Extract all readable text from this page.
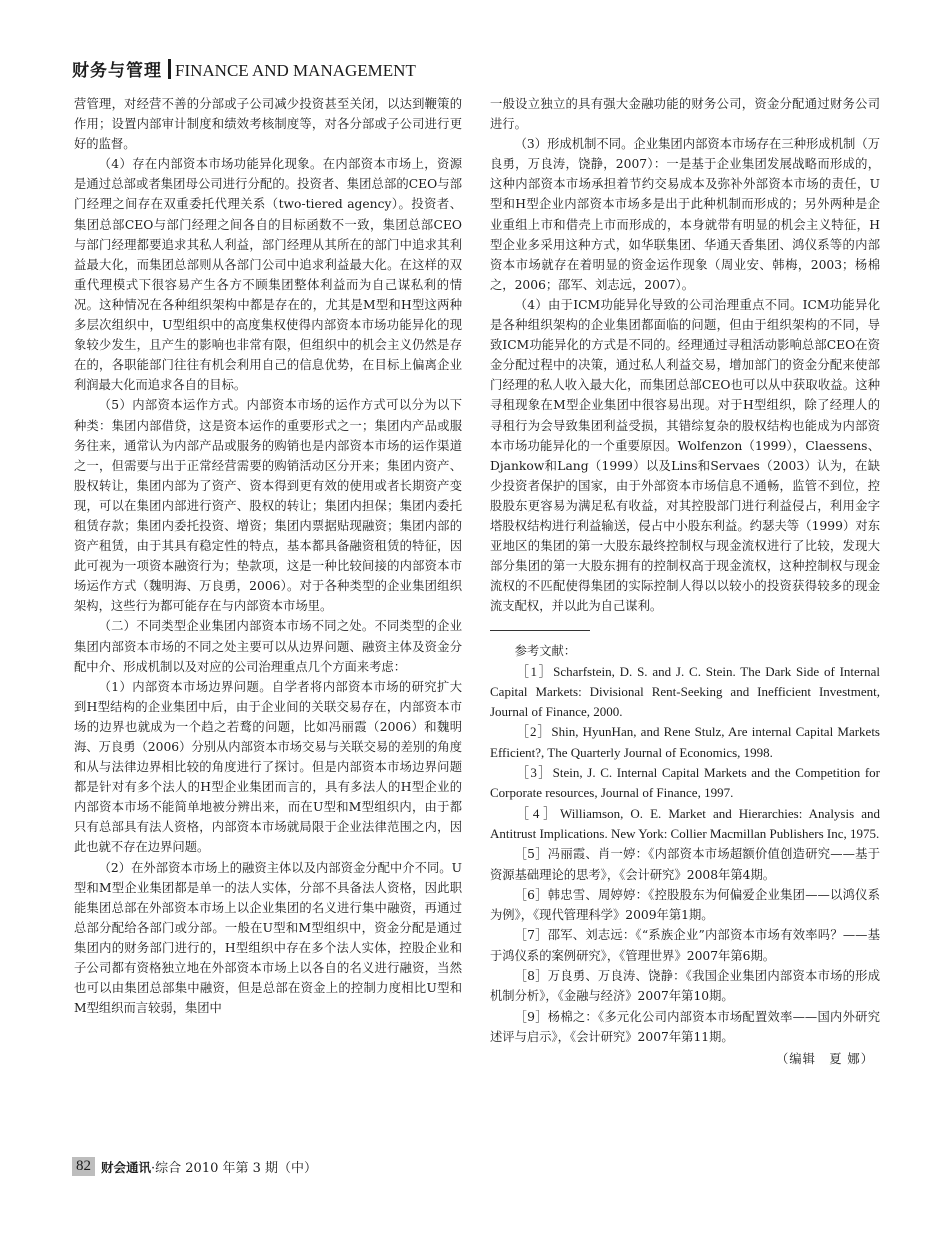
财务与管理 FINANCE AND MANAGEMENT

营管理，对经营不善的分部或子公司减少投资甚至关闭，以达到鞭策的作用；设置内部审计制度和绩效考核制度等，对各分部或子公司进行更好的监督。

（4）存在内部资本市场功能异化现象。在内部资本市场上，资源是通过总部或者集团母公司进行分配的。投资者、集团总部的CEO与部门经理之间存在双重委托代理关系（two-tiered agency）。投资者、集团总部CEO与部门经理之间各自的目标函数不一致，集团总部CEO与部门经理都要追求其私人利益，部门经理从其所在的部门中追求其利益最大化，而集团总部则从各部门公司中追求利益最大化。在这样的双重代理模式下很容易产生各方不顾集团整体利益而为自己谋私利的情况。这种情况在各种组织架构中都是存在的，尤其是M型和H型这两种多层次组织中，U型组织中的高度集权使得内部资本市场功能异化的现象较少发生，且产生的影响也非常有限，但组织中的机会主义仍然是存在的，各职能部门往往有机会利用自己的信息优势，在目标上偏离企业利润最大化而追求各自的目标。

（5）内部资本运作方式。内部资本市场的运作方式可以分为以下种类：集团内部借贷，这是资本运作的重要形式之一；集团内产品或服务往来，通常认为内部产品或服务的购销也是内部资本市场的运作渠道之一，但需要与出于正常经营需要的购销活动区分开来；集团内资产、股权转让，集团内部为了资产、资本得到更有效的使用或者长期资产变现，可以在集团内部进行资产、股权的转让；集团内担保；集团内委托租赁存款；集团内委托投资、增资；集团内票据贴现融资；集团内部的资产租赁，由于其具有稳定性的特点，基本都具备融资租赁的特征，因此可视为一项资本融资行为；垫款项，这是一种比较间接的内部资本市场运作方式（魏明海、万良勇，2006）。对于各种类型的企业集团组织架构，这些行为都可能存在与内部资本市场里。

（二）不同类型企业集团内部资本市场不同之处。不同类型的企业集团内部资本市场的不同之处主要可以从边界问题、融资主体及资金分配中介、形成机制以及对应的公司治理重点几个方面来考虑：

（1）内部资本市场边界问题。自学者将内部资本市场的研究扩大到H型结构的企业集团中后，由于企业间的关联交易存在，内部资本市场的边界也就成为一个趋之若鹜的问题，比如冯丽霞（2006）和魏明海、万良勇（2006）分别从内部资本市场交易与关联交易的差别的角度和从与法律边界相比较的角度进行了探讨。但是内部资本市场边界问题都是针对有多个法人的H型企业集团而言的，具有多法人的H型企业的内部资本市场不能简单地被分辨出来，而在U型和M型组织内，由于都只有总部具有法人资格，内部资本市场就局限于企业法律范围之内，因此也就不存在边界问题。

（2）在外部资本市场上的融资主体以及内部资金分配中介不同。U型和M型企业集团都是单一的法人实体，分部不具备法人资格，因此职能集团总部在外部资本市场上以企业集团的名义进行集中融资，再通过总部分配给各部门或分部。一般在U型和M型组织中，资金分配是通过集团内的财务部门进行的，H型组织中存在多个法人实体，控股企业和子公司都有资格独立地在外部资本市场上以各自的名义进行融资，当然也可以由集团总部集中融资，但是总部在资金上的控制力度相比U型和M型组织而言较弱，集团中

一般设立独立的具有强大金融功能的财务公司，资金分配通过财务公司进行。

（3）形成机制不同。企业集团内部资本市场存在三种形成机制（万良勇，万良涛，饶静，2007）：一是基于企业集团发展战略而形成的，这种内部资本市场承担着节约交易成本及弥补外部资本市场的责任，U型和H型企业内部资本市场多是出于此种机制而形成的；另外两种是企业重组上市和借壳上市而形成的，本身就带有明显的机会主义特征，H型企业多采用这种方式，如华联集团、华通天香集团、鸿仪系等的内部资本市场就存在着明显的资金运作现象（周业安、韩梅，2003；杨棉之，2006；邵军、刘志远，2007）。

（4）由于ICM功能异化导致的公司治理重点不同。ICM功能异化是各种组织架构的企业集团都面临的问题，但由于组织架构的不同，导致ICM功能异化的方式是不同的。经理通过寻租活动影响总部CEO在资金分配过程中的决策，通过私人利益交易，增加部门的资金分配来使部门经理的私人收入最大化，而集团总部CEO也可以从中获取收益。这种寻租现象在M型企业集团中很容易出现。对于H型组织，除了经理人的寻租行为会导致集团利益受损，其错综复杂的股权结构也能成为内部资本市场功能异化的一个重要原因。Wolfenzon（1999），Claessens、Djankow和Lang（1999）以及Lins和Servaes（2003）认为，在缺少投资者保护的国家，由于外部资本市场信息不通畅，监管不到位，控股股东更容易为满足私有收益，对其控股部门进行利益侵占，利用金字塔股权结构进行利益输送，侵占中小股东利益。约瑟夫等（1999）对东亚地区的集团的第一大股东最终控制权与现金流权进行了比较，发现大部分集团的第一大股东拥有的控制权高于现金流权，这种控制权与现金流权的不匹配使得集团的实际控制人得以以较小的投资获得较多的现金流支配权，并以此为自己谋利。

参考文献：

［1］Scharfstein, D. S. and J. C. Stein. The Dark Side of Internal Capital Markets: Divisional Rent-Seeking and Inefficient Investment, Journal of Finance, 2000.

［2］Shin, HyunHan, and Rene Stulz, Are internal Capital Markets Efficient?, The Quarterly Journal of Economics, 1998.

［3］Stein, J. C. Internal Capital Markets and the Competition for Corporate resources, Journal of Finance, 1997.

［4］Williamson, O. E. Market and Hierarchies: Analysis and Antitrust Implications. New York: Collier Macmillan Publishers Inc, 1975.

［5］冯丽霞、肖一婷：《内部资本市场超额价值创造研究——基于资源基础理论的思考》，《会计研究》2008年第4期。

［6］韩忠雪、周婷婷：《控股股东为何偏爱企业集团——以鸿仪系为例》，《现代管理科学》2009年第1期。

［7］邵军、刘志远：《“系族企业”内部资本市场有效率吗？——基于鸿仪系的案例研究》，《管理世界》2007年第6期。

［8］万良勇、万良涛、饶静：《我国企业集团内部资本市场的形成机制分析》，《金融与经济》2007年第10期。

［9］杨棉之：《多元化公司内部资本市场配置效率——国内外研究述评与启示》，《会计研究》2007年第11期。

（编辑　夏 娜）
82 财会通讯 ·综合 2010 年第 3 期（中）
